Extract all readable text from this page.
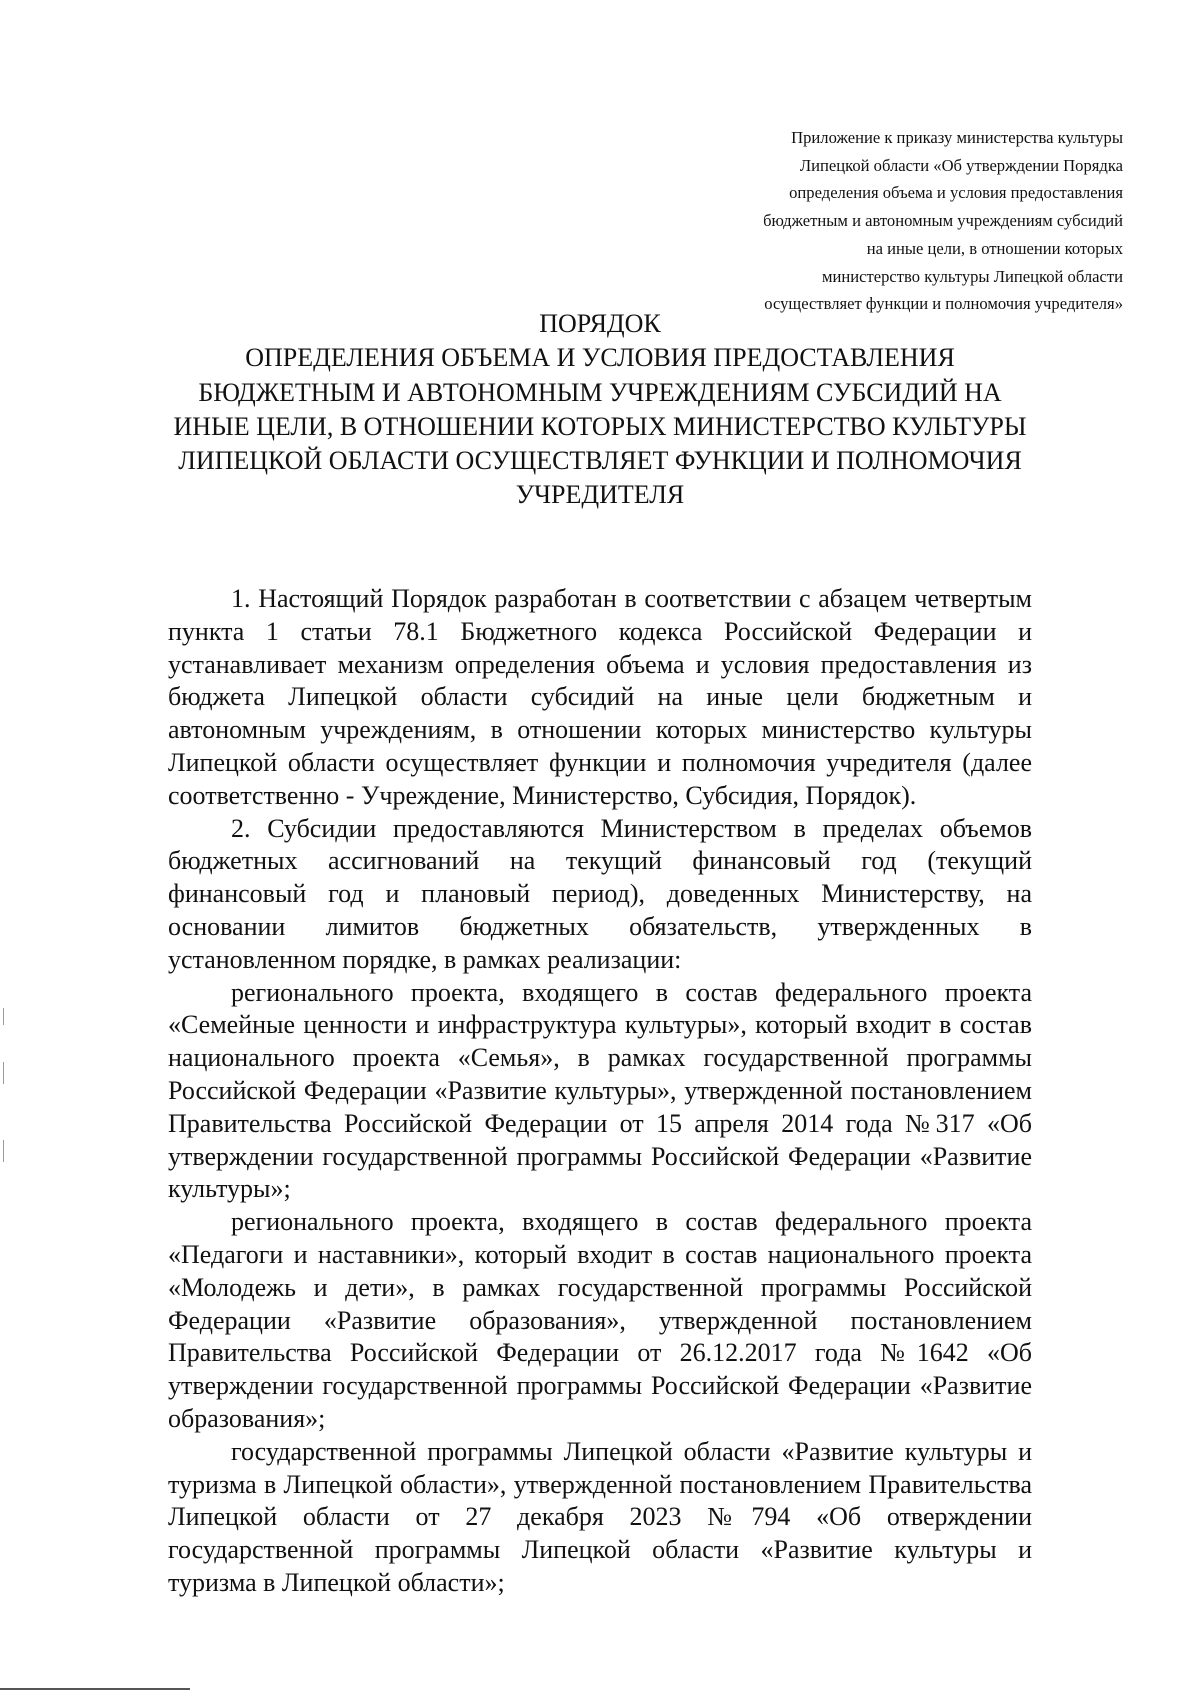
Приложение к приказу министерства культуры
Липецкой области «Об утверждении Порядка
определения объема и условия предоставления
бюджетным и автономным учреждениям субсидий
на иные цели, в отношении которых
министерство культуры Липецкой области
осуществляет функции и полномочия учредителя»
ПОРЯДОК
ОПРЕДЕЛЕНИЯ ОБЪЕМА И УСЛОВИЯ ПРЕДОСТАВЛЕНИЯ
БЮДЖЕТНЫМ И АВТОНОМНЫМ УЧРЕЖДЕНИЯМ СУБСИДИЙ НА
ИНЫЕ ЦЕЛИ, В ОТНОШЕНИИ КОТОРЫХ МИНИСТЕРСТВО КУЛЬТУРЫ
ЛИПЕЦКОЙ ОБЛАСТИ ОСУЩЕСТВЛЯЕТ ФУНКЦИИ И ПОЛНОМОЧИЯ
УЧРЕДИТЕЛЯ

1. Настоящий Порядок разработан в соответствии с абзацем четвертым пункта 1 статьи 78.1 Бюджетного кодекса Российской Федерации и устанавливает механизм определения объема и условия предоставления из бюджета Липецкой области субсидий на иные цели бюджетным и автономным учреждениям, в отношении которых министерство культуры Липецкой области осуществляет функции и полномочия учредителя (далее соответственно - Учреждение, Министерство, Субсидия, Порядок).

2. Субсидии предоставляются Министерством в пределах объемов бюджетных ассигнований на текущий финансовый год (текущий финансовый год и плановый период), доведенных Министерству, на основании лимитов бюджетных обязательств, утвержденных в установленном порядке, в рамках реализации:

регионального проекта, входящего в состав федерального проекта «Семейные ценности и инфраструктура культуры», который входит в состав национального проекта «Семья», в рамках государственной программы Российской Федерации «Развитие культуры», утвержденной постановлением Правительства Российской Федерации от 15 апреля 2014 года №317 «Об утверждении государственной программы Российской Федерации «Развитие культуры»;

регионального проекта, входящего в состав федерального проекта «Педагоги и наставники», который входит в состав национального проекта «Молодежь и дети», в рамках государственной программы Российской Федерации «Развитие образования», утвержденной постановлением Правительства Российской Федерации от 26.12.2017 года №1642 «Об утверждении государственной программы Российской Федерации «Развитие образования»;

государственной программы Липецкой области «Развитие культуры и туризма в Липецкой области», утвержденной постановлением Правительства Липецкой области от 27 декабря 2023 №794 «Об отверждении государственной программы Липецкой области «Развитие культуры и туризма в Липецкой области»;
